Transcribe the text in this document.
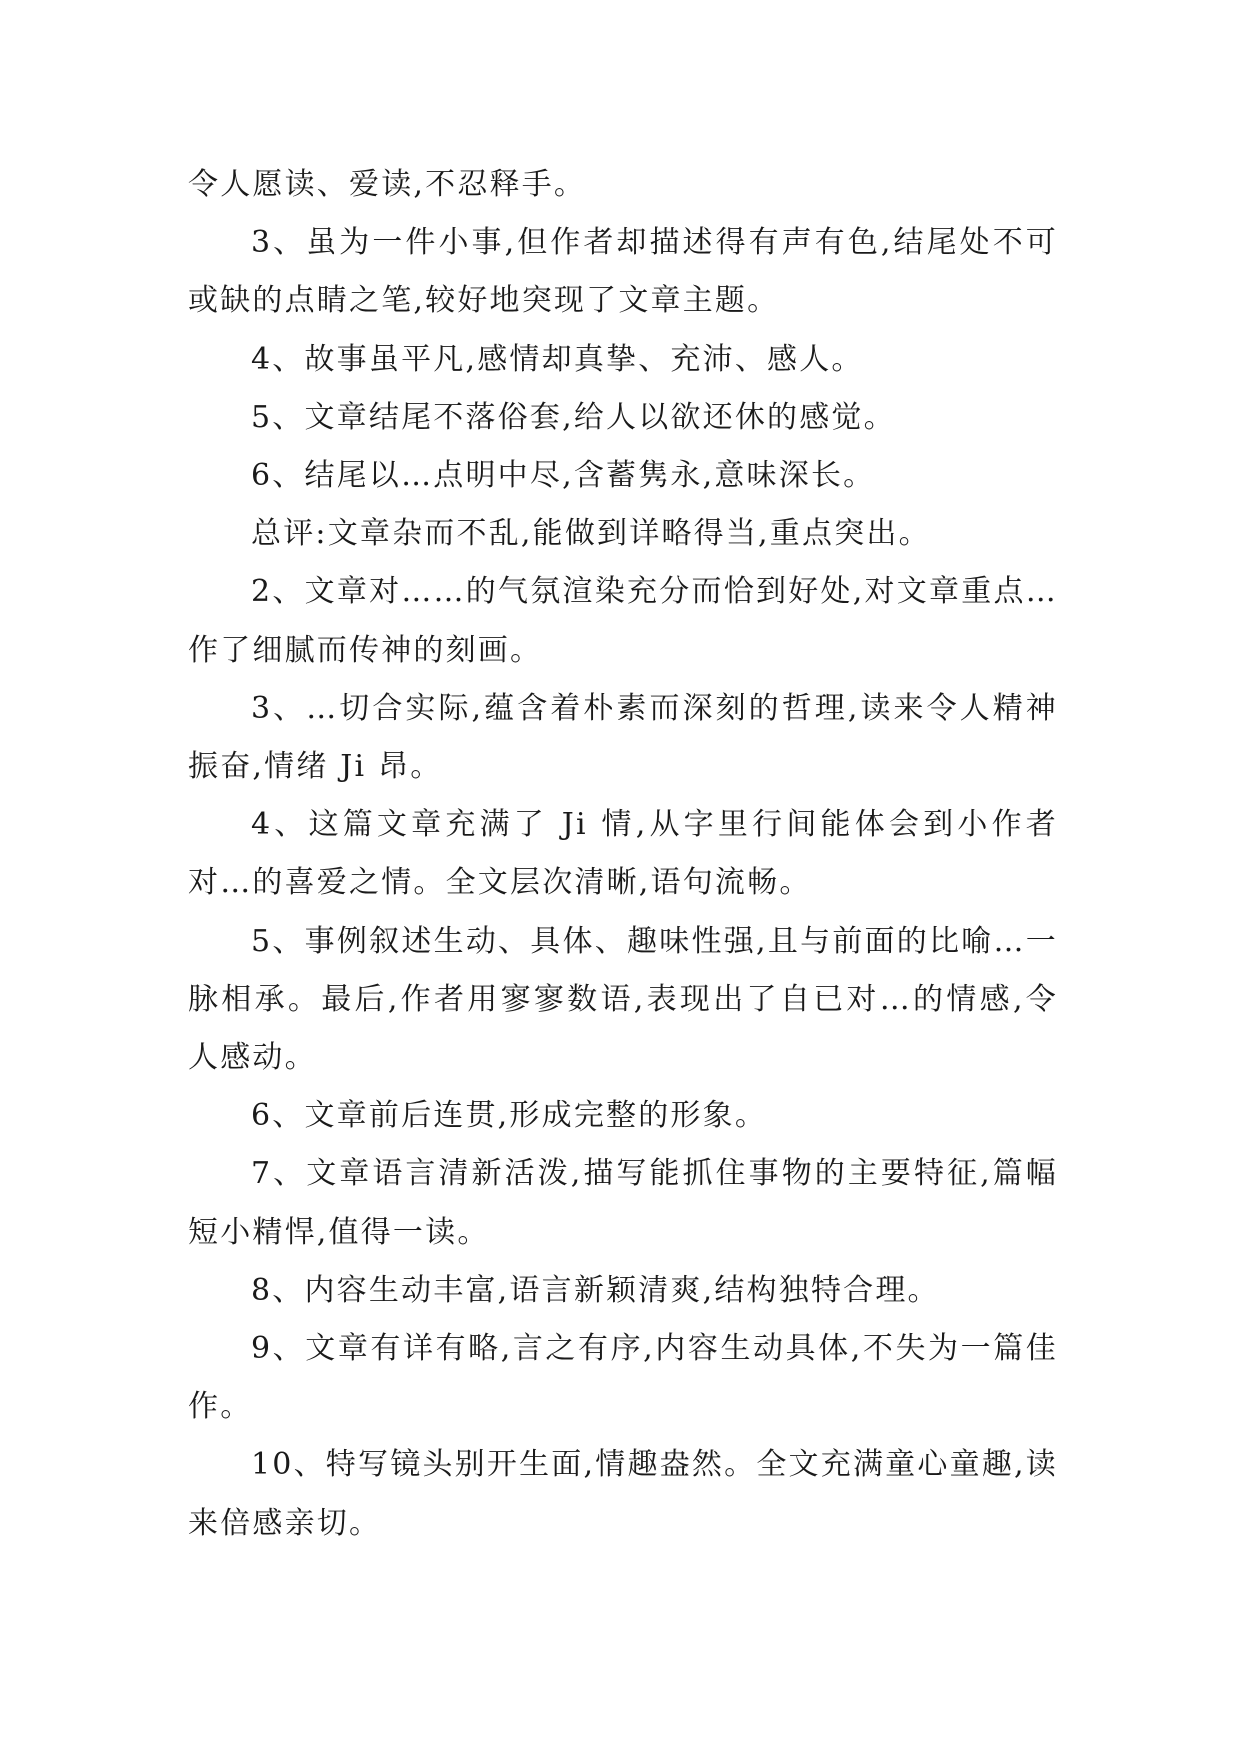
令人愿读、爱读,不忍释手。

3、虽为一件小事,但作者却描述得有声有色,结尾处不可或缺的点睛之笔,较好地突现了文章主题。

4、故事虽平凡,感情却真挚、充沛、感人。

5、文章结尾不落俗套,给人以欲还休的感觉。

6、结尾以…点明中尽,含蓄隽永,意味深长。

总评:文章杂而不乱,能做到详略得当,重点突出。

2、文章对……的气氛渲染充分而恰到好处,对文章重点…作了细腻而传神的刻画。

3、…切合实际,蕴含着朴素而深刻的哲理,读来令人精神振奋,情绪 Ji 昂。

4、这篇文章充满了 Ji 情,从字里行间能体会到小作者对…的喜爱之情。全文层次清晰,语句流畅。

5、事例叙述生动、具体、趣味性强,且与前面的比喻…一脉相承。最后,作者用寥寥数语,表现出了自已对…的情感,令人感动。

6、文章前后连贯,形成完整的形象。

7、文章语言清新活泼,描写能抓住事物的主要特征,篇幅短小精悍,值得一读。

8、内容生动丰富,语言新颖清爽,结构独特合理。

9、文章有详有略,言之有序,内容生动具体,不失为一篇佳作。

10、特写镜头别开生面,情趣盎然。全文充满童心童趣,读来倍感亲切。
